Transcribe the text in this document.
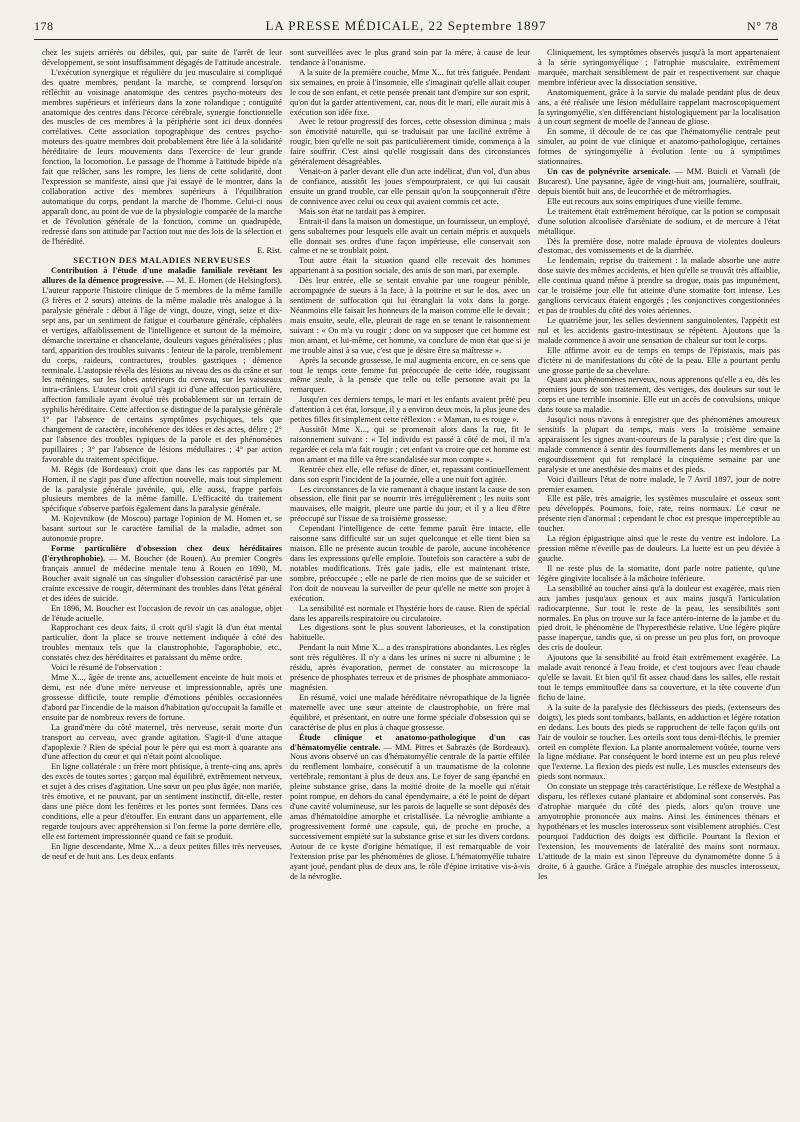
178	LA PRESSE MÉDICALE, 22 Septembre 1897	N° 78

chez les sujets arriérés ou débiles, qui, par suite de l'arrêt de leur développement, se sont insuffisamment dégagés de l'attitude ancestrale.

L'exécution synergique et régulière du jeu musculaire si compliqué des quatre membres, pendant la marche, se comprend lorsqu'on réfléchit au voisinage anatomique des centres psycho-moteurs des membres supérieurs et inférieurs dans la zone rolandique ; contiguïté anatomique des centres dans l'écorce cérébrale, synergie fonctionnelle des muscles de ces membres à la périphérie sont ici deux données corrélatives. Cette association topographique des centres psycho-moteurs des quatre membres doit probablement être liée à la solidarité héréditaire de leurs mouvements dans l'exercice de leur grande fonction, la locomotion. Le passage de l'homme à l'attitude bipède n'a fait que relâcher, sans les rompre, les liens de cette solidarité, dont l'expression se manifeste, ainsi que j'ai essayé de le montrer, dans la collaboration active des membres supérieurs à l'équilibration automatique du corps, pendant la marche de l'homme. Celui-ci nous apparaît donc, au point de vue de la physiologie comparée de la marche et de l'évolution générale de la fonction, comme un quadrupède, redressé dans son attitude par l'action tout nue des lois de la sélection et de l'hérédité.

E. Rist.

SECTION DES MALADIES NERVEUSES

Contribution à l'étude d'une maladie familiale revêtant les allures de la démence progressive. — M. E. Homen (de Helsingfors). L'auteur rapporte l'histoire clinique de 5 membres de la même famille (3 frères et 2 sœurs) atteints de la même maladie très analogue à la paralysie générale : début à l'âge de vingt, douze, vingt, seize et dix-sept ans, par un sentiment de fatigue et courbature générale, céphalées et vertiges, affaiblissement de l'intelligence et surtout de la mémoire, démarche incertaine et chancelante, douleurs vagues généralisées ; plus tard, apparition des troubles suivants : lenteur de la parole, tremblement du corps, raideurs, contractures, troubles gastriques ; démence terminale. L'autopsie révéla des lésions au niveau des os du crâne et sur les méninges, sur les lobes antérieurs du cerveau, sur les vaisseaux intra-crâniens. L'auteur croit qu'il s'agit ici d'une affection particulière, affection familiale ayant évolué très probablement sur un terrain de syphilis héréditaire. Cette affection se distingue de la paralysie générale 1° par l'absence de certains symptômes psychiques, tels que changement de caractère, incohérence des idées et des actes, délire ; 2° par l'absence des troubles typiques de la parole et des phénomènes pupillaires ; 3° par l'absence de lésions médullaires ; 4° par action favorable du traitement spécifique.

M. Régis (de Bordeaux) croit que dans les cas rapportés par M. Homen, il ne s'agit pas d'une affection nouvelle, mais tout simplement de la paralysie générale juvénile, qui, elle aussi, frappe parfois plusieurs membres de la même famille. L'efficacité du traitement spécifique s'observe parfois également dans la paralysie générale.

M. Kojevnikow (de Moscou) partage l'opinion de M. Homen et, se basant surtout sur le caractère familial de la maladie, admet son autonomie propre.

Forme particulière d'obsession chez deux héréditaires (l'érythrophobie). — M. Boucher (de Rouen). Au premier Congrès français annuel de médecine mentale tenu à Rouen en 1890, M. Boucher avait signalé un cas singulier d'obsession caractérisé par une crainte excessive de rougir, déterminant des troubles dans l'état général et des idées de suicide.

En 1896, M. Boucher est l'occasion de revoir un cas analogue, objet de l'étude actuelle.

Rapprochant ces deux faits, il croit qu'il s'agit là d'un état mental particulier, dont la place se trouve nettement indiquée à côté des troubles mentaux tels que la claustrophobie, l'agoraphobie, etc., constatés chez des héréditaires et paraissant du même ordre.

Voici le résumé de l'observation :

Mme X..., âgée de trente ans, actuellement enceinte de huit mois et demi, est née d'une mère nerveuse et impressionnable, après une grossesse difficile, toute remplie d'émotions pénibles occasionnées d'abord par l'incendie de la maison d'habitation qu'occupait la famille et ensuite par de nombreux revers de fortune.

La grand'mère du côté maternel, très nerveuse, serait morte d'un transport au cerveau, avec grande agitation. S'agit-il d'une attaque d'apoplexie ? Rien de spécial pour le père qui est mort à quarante ans d'une affection du cœur et qui n'était point alcoolique.

En ligne collatérale : un frère mort phtisique, à trente-cinq ans, après des excès de toutes sortes ; garçon mal équilibré, extrêmement nerveux, et sujet à des crises d'agitation. Une sœur un peu plus âgée, non mariée, très émotive, et ne pouvant, par un sentiment instinctif, dit-elle, rester dans une pièce dont les fenêtres et les portes sont fermées. Dans ces conditions, elle a peur d'étouffer. En entrant dans un appartement, elle regarde toujours avec appréhension si l'on ferme la porte derrière elle, elle est fortement impressionnée quand ce fait se produit.

En ligne descendante, Mme X... a deux petites filles très nerveuses, de neuf et de huit ans. Les deux enfants

sont surveillées avec le plus grand soin par la mère, à cause de leur tendance à l'onanisme.

A la suite de la première couche, Mme X... fut très fatiguée. Pendant six semaines, en proie à l'insomnie, elle s'imaginait qu'elle allait couper le cou de son enfant, et cette pensée prenait tant d'empire sur son esprit, qu'on dut la garder attentivement, car, nous dit le mari, elle aurait mis à exécution son idée fixe.

Avec le retour progressif des forces, cette obsession diminua ; mais son émotivité naturelle, qui se traduisait par une facilité extrême à rougir, bien qu'elle ne soit pas particulièrement timide, commença à la faire souffrir. C'est ainsi qu'elle rougissait dans des circonstances généralement désagréables.

Venait-on à parler devant elle d'un acte indélicat, d'un vol, d'un abus de confiance, aussitôt les joues s'empourpraient, ce qui lui causait ensuite un grand trouble, car elle pensait qu'on la soupçonnerait d'être de connivence avec celui ou ceux qui avaient commis cet acte.

Mais son état ne tardait pas à empirer.

Entrait-il dans la maison un domestique, un fournisseur, un employé, gens subalternes pour lesquels elle avait un certain mépris et auxquels elle donnait ses ordres d'une façon impérieuse, elle conservait son calme et ne se troublait point.

Tout autre était la situation quand elle recevait des hommes appartenant à sa position sociale, des amis de son mari, par exemple.

Dès leur entrée, elle se sentait envahie par une rougeur pénible, accompagnée de sueurs à la face, à la poitrine et sur le dos, avec un sentiment de suffocation qui lui étranglait la voix dans la gorge. Néanmoins elle faisait les honneurs de la maison comme elle le devait ; mais ensuite, seule, elle, pleurait de rage en se tenant le raisonnement suivant : « On m'a vu rougir ; donc on va supposer que cet homme est mon amant, et lui-même, cet homme, va conclure de mon état que si je me trouble ainsi à sa vue, c'est que je désire être sa maîtresse ».

Après la seconde grossesse, le mal augmenta encore, en ce sens que tout le temps cette femme fut préoccupée de cette idée, rougissant même seule, à la pensée que telle ou telle personne avait pu la remarquer.

Jusqu'en ces derniers temps, le mari et les enfants avaient prêté peu d'attention à cet état, lorsque, il y a environ deux mois, la plus jeune des petites filles fit simplement cette réflexion : « Maman, tu es rouge ».

Aussitôt Mme X..., qui se promenait alors dans la rue, fit le raisonnement suivant : « Tel individu est passé à côté de moi, il m'a regardée et cela m'a fait rougir ; cet enfant va croire que cet homme est mon amant et ma fille va être scandalisée sur mon compte ».

Rentrée chez elle, elle refuse de dîner, et, repassant continuellement dans son esprit l'incident de la journée, elle a une nuit fort agitée.

Les circonstances de la vie ramenant à chaque instant la cause de son obsession, elle finit par se nourrir très irrégulièrement ; les nuits sont mauvaises, elle maigrit, pleure une partie du jour, et il y a lieu d'être préoccupé sur l'issue de sa troisième grossesse.

Cependant l'intelligence de cette femme paraît être intacte, elle raisonne sans difficulté sur un sujet quelconque et elle tient bien sa maison. Elle ne présente aucun trouble de parole, aucune incohérence dans les expressions qu'elle emploie. Toutefois son caractère a subi de notables modifications. Très gaie jadis, elle est maintenant triste, sombre, préoccupée ; elle ne parle de rien moins que de se suicider et l'on doit de nouveau la surveiller de peur qu'elle ne mette son projet à exécution.

La sensibilité est normale et l'hystérie hors de cause. Rien de spécial dans les appareils respiratoire ou circulatoire.

Les digestions sont le plus souvent laborieuses, et la constipation habituelle.

Pendant la nuit Mme X... a des transpirations abondantes. Les règles sont très régulières. Il n'y a dans les urines ni sucre ni albumine ; le résidu, après évaporation, permet de constater au microscope la présence de phosphates terreux et de prismes de phosphate ammoniaco-magnésien.

En résumé, voici une malade héréditaire névropathique de la lignée maternelle avec une sœur atteinte de claustrophobie, un frère mal équilibré, et présentant, en outre une forme spéciale d'obsession qui se caractérise de plus en plus à chaque grossesse.

Étude clinique et anatomo-pathologique d'un cas d'hématomyélie centrale. — MM. Pitres et Sabrazès (de Bordeaux). Nous avons observé un cas d'hématomyélie centrale de la partie effilée du renflement lombaire, consécutif à un traumatisme de la colonne vertébrale, remontant à plus de deux ans. Le foyer de sang épanché en pleine substance grise, dans la moitié droite de la moelle qui n'était point rompue, en dehors du canal épendymaire, a été le point de départ d'une cavité volumineuse, sur les parois de laquelle se sont déposés des amas d'hématoïdine amorphe et cristallisée. La névroglie ambiante a progressivement formé une capsule, qui, de proche en proche, a successivement empiété sur la substance grise et sur les divers cordons. Autour de ce kyste d'origine hématique, il est remarquable de voir l'extension prise par les phénomènes de gliose. L'hématomyélie tubaire ayant joué, pendant plus de deux ans, le rôle d'épine irritative vis-à-vis de la névroglie.

Cliniquement, les symptômes observés jusqu'à la mort appartenaient à la série syringomyélique ; l'atrophie musculaire, extrêmement marquée, marchait sensiblement de pair et respectivement sur chaque membre inférieur avec la dissociation sensitive.

Anatomiquement, grâce à la survie du malade pendant plus de deux ans, a été réalisée une lésion médullaire rappelant macroscopiquement la syringomyélie, s'en différenciant histologiquement par la localisation à un court segment de moelle de l'anneau de gliose.

En somme, il découle de ce cas que l'hématomyélie centrale peut simuler, au point de vue clinique et anatomo-pathologique, certaines formes de syringomyélie à évolution lente ou à symptômes stationnaires.

Un cas de polynévrite arsenicale. — MM. Buicli et Varnali (de Bucarest). Une paysanne, âgée de vingt-huit ans, journalière, souffrait, depuis bientôt huit ans, de leucorrhée et de métrorrhagies.

Elle eut recours aux soins empiriques d'une vieille femme.

Le traitement était extrêmement héroïque, car la potion se composait d'une solution alcoolisée d'arséniate de sodium, et de mercure à l'état métallique.

Dès la première dose, notre malade éprouva de violentes douleurs d'estomac, des vomissements et de la diarrhée.

Le lendemain, reprise du traitement : la malade absorbe une autre dose suivie des mêmes accidents, et bien qu'elle se trouvât très affaiblie, elle continua quand même à prendre sa drogue, mais pas impunément, car le troisième jour elle fut atteinte d'une stomatite fort intense. Les ganglions cervicaux étaient engorgés ; les conjonctives congestionnées et pas de troubles du côté des voies aériennes.

Le quatrième jour, les selles deviennent sanguinolentes, l'appétit est nul et les accidents gastro-intestinaux se répètent. Ajoutons que la malade commence à avoir une sensation de chaleur sur tout le corps.

Elle affirme avoir eu de temps en temps de l'épistaxis, mais pas d'ictère ni de manifestations du côté de la peau. Elle a pourtant perdu une grosse partie de sa chevelure.

Quant aux phénomènes nerveux, nous apprenons qu'elle a eu, dès les premiers jours de son traitement, des vertiges, des douleurs sur tout le corps et une terrible insomnie. Elle eut un accès de convulsions, unique dans toute sa maladie.

Jusqu'ici nous n'avons à enregistrer que des phénomènes amoureux sensitifs la plupart du temps, mais vers la troisième semaine apparaissent les signes avant-coureurs de la paralysie ; c'est dire que la malade commence à sentir des fourmillements dans les membres et un engourdissement qui fut remplacé la cinquième semaine par une paralysie et une anesthésie des mains et des pieds.

Voici d'ailleurs l'état de notre malade, le 7 Avril 1897, jour de notre premier examen.

Elle est pâle, très amaigrie, les systèmes musculaire et osseux sont peu développés. Poumons, foie, rate, reins normaux. Le cœur ne présente rien d'anormal ; cependant le choc est presque imperceptible au toucher.

La région épigastrique ainsi que le reste du ventre est indolore. La pression même n'éveille pas de douleurs. La luette est un peu déviée à gauche.

Il ne reste plus de la stomatite, dont parle notre patiente, qu'une légère gingivite localisée à la mâchoire inférieure.

La sensibilité au toucher ainsi qu'à la douleur est exagérée, mais rien aux jambes jusqu'aux genoux et aux mains jusqu'à l'articulation radiocarpienne. Sur tout le reste de la peau, les sensibilités sont normales. En plus on trouve sur la face antéro-interne de la jambe et du pied droit, le phénomène de l'hyperesthésie relative. Une légère piqûre passe inaperçue, tandis que, si on presse un peu plus fort, on provoque des cris de douleur.

Ajoutons que la sensibilité au froid était extrêmement exagérée. La malade avait renoncé à l'eau froide, et c'est toujours avec l'eau chaude qu'elle se lavait. Et bien qu'il fît assez chaud dans les salles, elle restait tout le temps emmitouflée dans sa couverture, et la tête couverte d'un fichu de laine.

A la suite de la paralysie des fléchisseurs des pieds, (extenseurs des doigts), les pieds sont tombants, ballants, en adduction et légère rotation en dedans. Les bouts des pieds se rapprochent de telle façon qu'ils ont l'air de vouloir se toucher. Les orteils sont tous demi-fléchis, le premier orteil en complète flexion. La plante anormalement voûtée, tourne vers la ligne médiane. Par conséquent le bord interne est un peu plus relevé que l'externe. La flexion des pieds est nulle. Les muscles extenseurs des pieds sont normaux.

On constate un steppage très caractéristique. Le réflexe de Westphal a disparu, les réflexes cutané plantaire et abdominal sont conservés. Pas d'atrophie marquée du côté des pieds, alors qu'on trouve une amyotrophie prononcée aux mains. Ainsi les éminences thénars et hypothénars et les muscles interosseux sont visiblement atrophiés. C'est pourquoi l'adduction des doigts est difficile. Pourtant la flexion et l'extension, les mouvements de latéralité des mains sont normaux. L'attitude de la main est sinon l'épreuve du dynamomètre donne 5 à droite, 6 à gauche. Grâce à l'inégale atrophie des muscles interosseux, les
